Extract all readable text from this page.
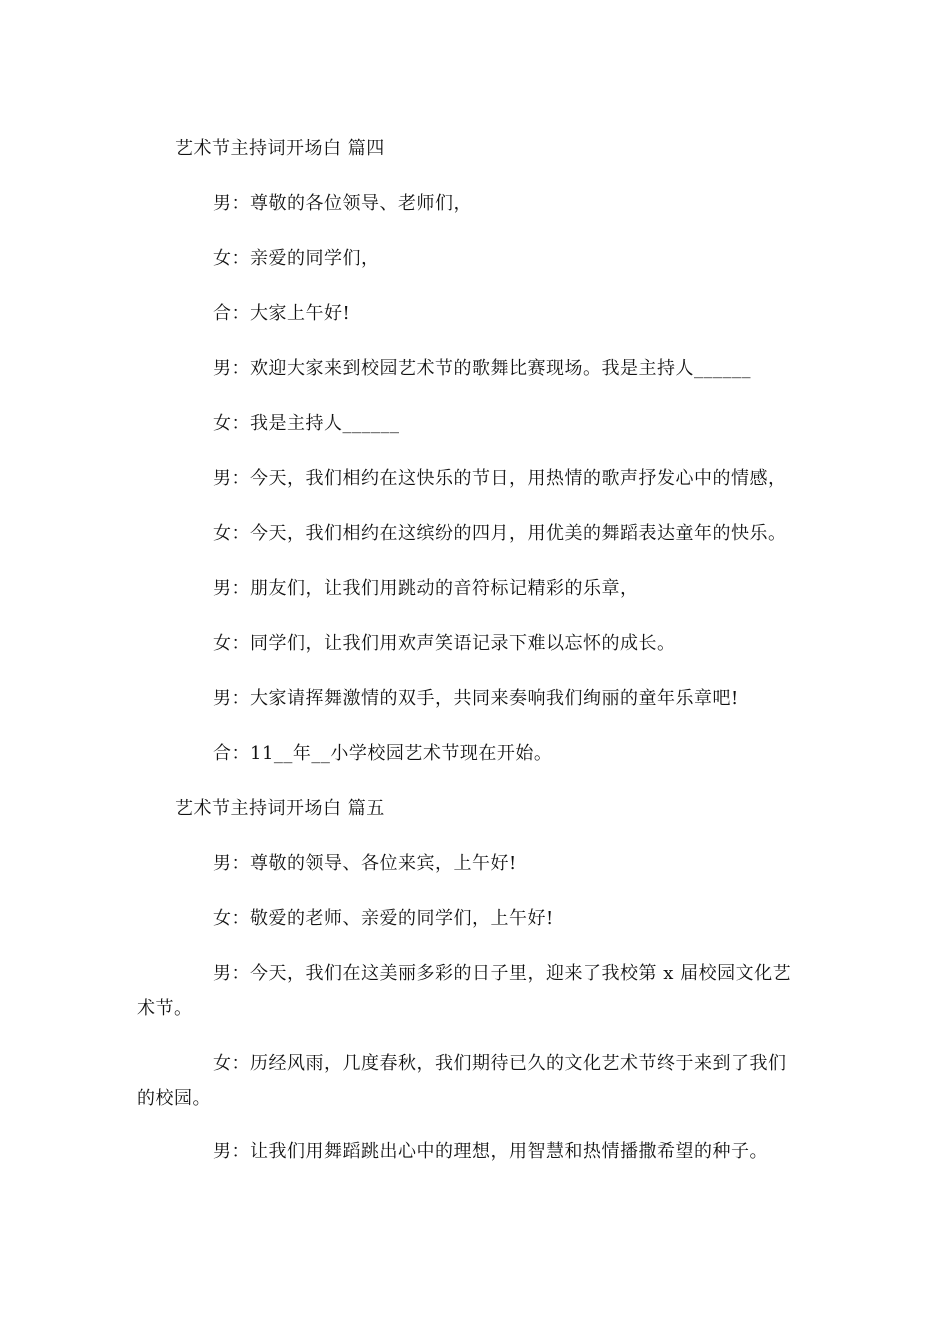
艺术节主持词开场白 篇四
男：尊敬的各位领导、老师们，
女：亲爱的同学们，
合：大家上午好!
男：欢迎大家来到校园艺术节的歌舞比赛现场。我是主持人______
女：我是主持人______
男：今天，我们相约在这快乐的节日，用热情的歌声抒发心中的情感，
女：今天，我们相约在这缤纷的四月，用优美的舞蹈表达童年的快乐。
男：朋友们，让我们用跳动的音符标记精彩的乐章，
女：同学们，让我们用欢声笑语记录下难以忘怀的成长。
男：大家请挥舞激情的双手，共同来奏响我们绚丽的童年乐章吧!
合：11__年__小学校园艺术节现在开始。
艺术节主持词开场白 篇五
男：尊敬的领导、各位来宾，上午好!
女：敬爱的老师、亲爱的同学们，上午好!
男：今天，我们在这美丽多彩的日子里，迎来了我校第 x 届校园文化艺
术节。
女：历经风雨，几度春秋，我们期待已久的文化艺术节终于来到了我们
的校园。
男：让我们用舞蹈跳出心中的理想，用智慧和热情播撒希望的种子。
